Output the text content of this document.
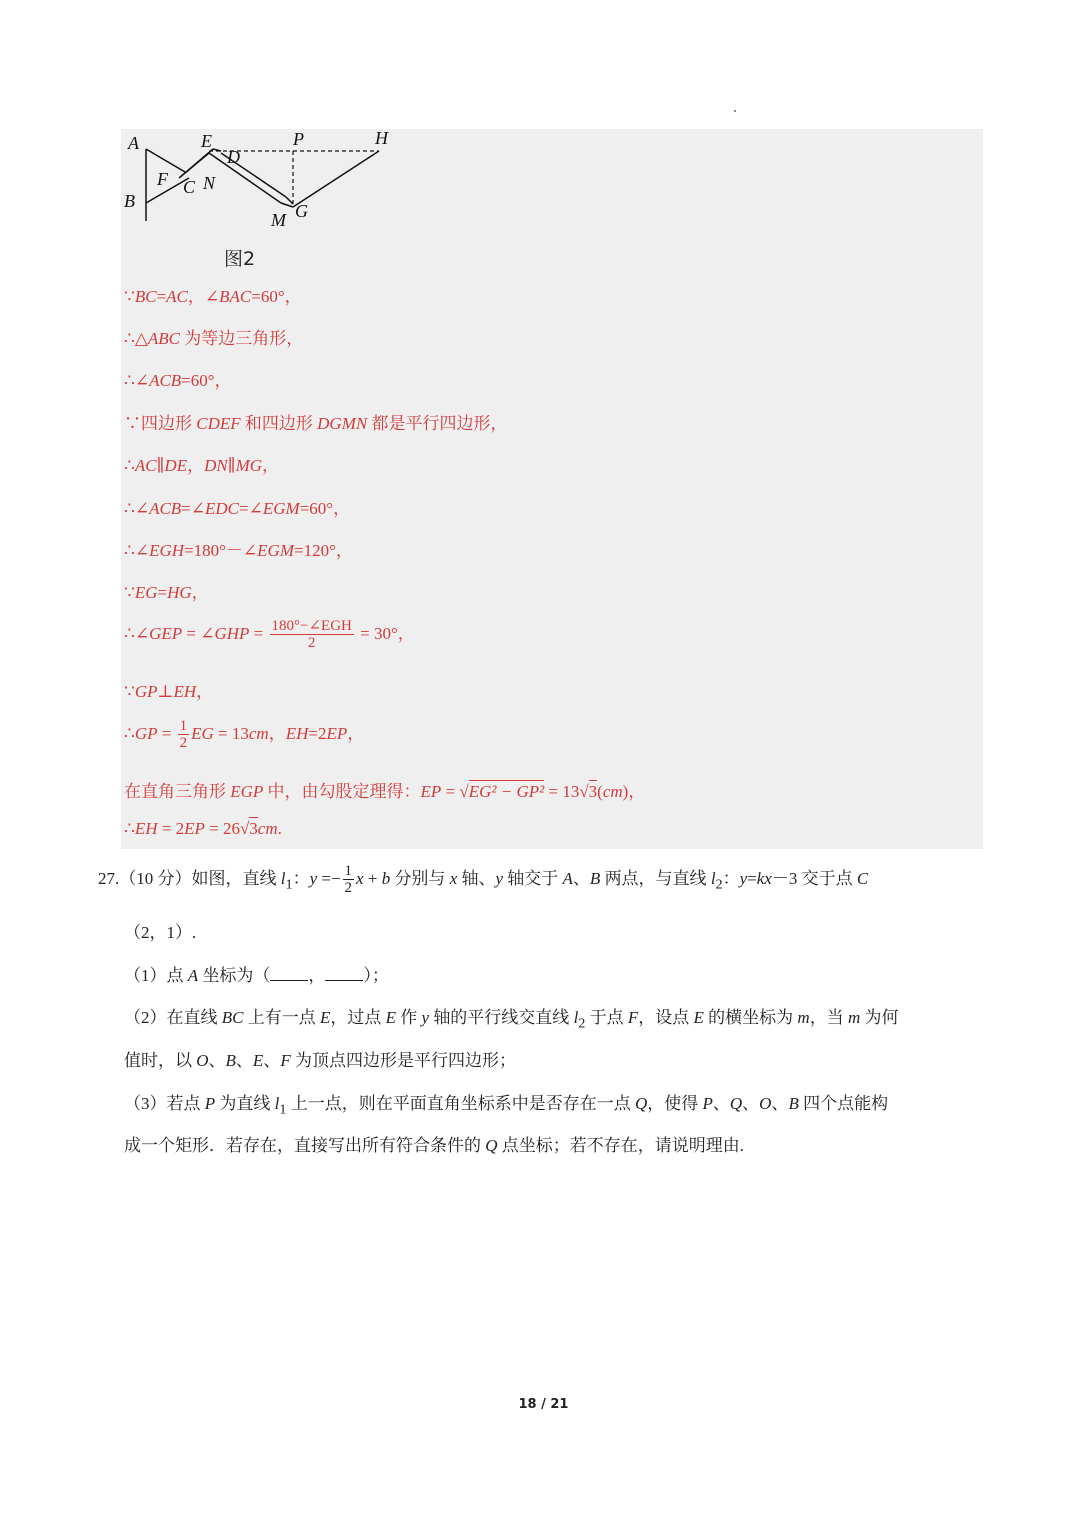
A
B
E
D
F C N
P	H
M G
图2
∵BC=AC，∠BAC=60°，
∴△ABC 为等边三角形，
∴∠ACB=60°，
∵四边形 CDEF 和四边形 DGMN 都是平行四边形，
∴AC∥DE，DN∥MG，
∴∠ACB=∠EDC=∠EGM=60°，
∴∠EGH=180°－∠EGM=120°，
∵EG=HG，
∴∠GEP = ∠GHP = $\frac{\text{180°−∠EGH}}{2} = 30^\circ$，
∵GP⊥EH，
∴GP = $\frac{1}{2}$ EG = 13cm，EH=2EP，
在直角三角形 EGP 中，由勾股定理得：EP = √EG² − GP² = 13√3(cm)，
∴EH = 2EP = 26√3cm.
27.（10 分）如图，直线 $l_1$：$y =- \frac{1}{2}$ x + b 分别与 x 轴、y 轴交于 A、B 两点，与直线 $l_2$：y=kx－3 交于点 C
（2，1）.
（1）点 A 坐标为（ ， ）；
（2）在直线 BC 上有一点 E，过点 E 作 y 轴的平行线交直线 $l_2$ 于点 F，设点 E 的横坐标为 m，当 m 为何
值时，以 O、B、E、F 为顶点四边形是平行四边形；
（3）若点 P 为直线 $l_1$ 上一点，则在平面直角坐标系中是否存在一点 Q，使得 P、Q、O、B 四个点能构
成一个矩形．若存在，直接写出所有符合条件的 Q 点坐标；若不存在，请说明理由.
18 / 21
